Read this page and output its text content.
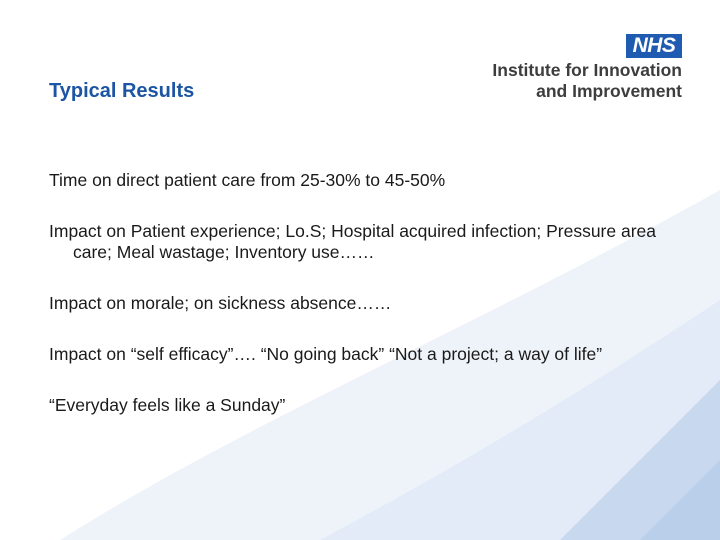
NHS
Institute for Innovation
and Improvement
Typical Results

Time on direct patient care from 25-30% to 45-50%

Impact on Patient experience; Lo.S; Hospital acquired infection; Pressure area care; Meal wastage; Inventory use……

Impact on morale; on sickness absence……

Impact on “self efficacy”…. “No going back” “Not a project; a way of life”

“Everyday feels like a Sunday”
